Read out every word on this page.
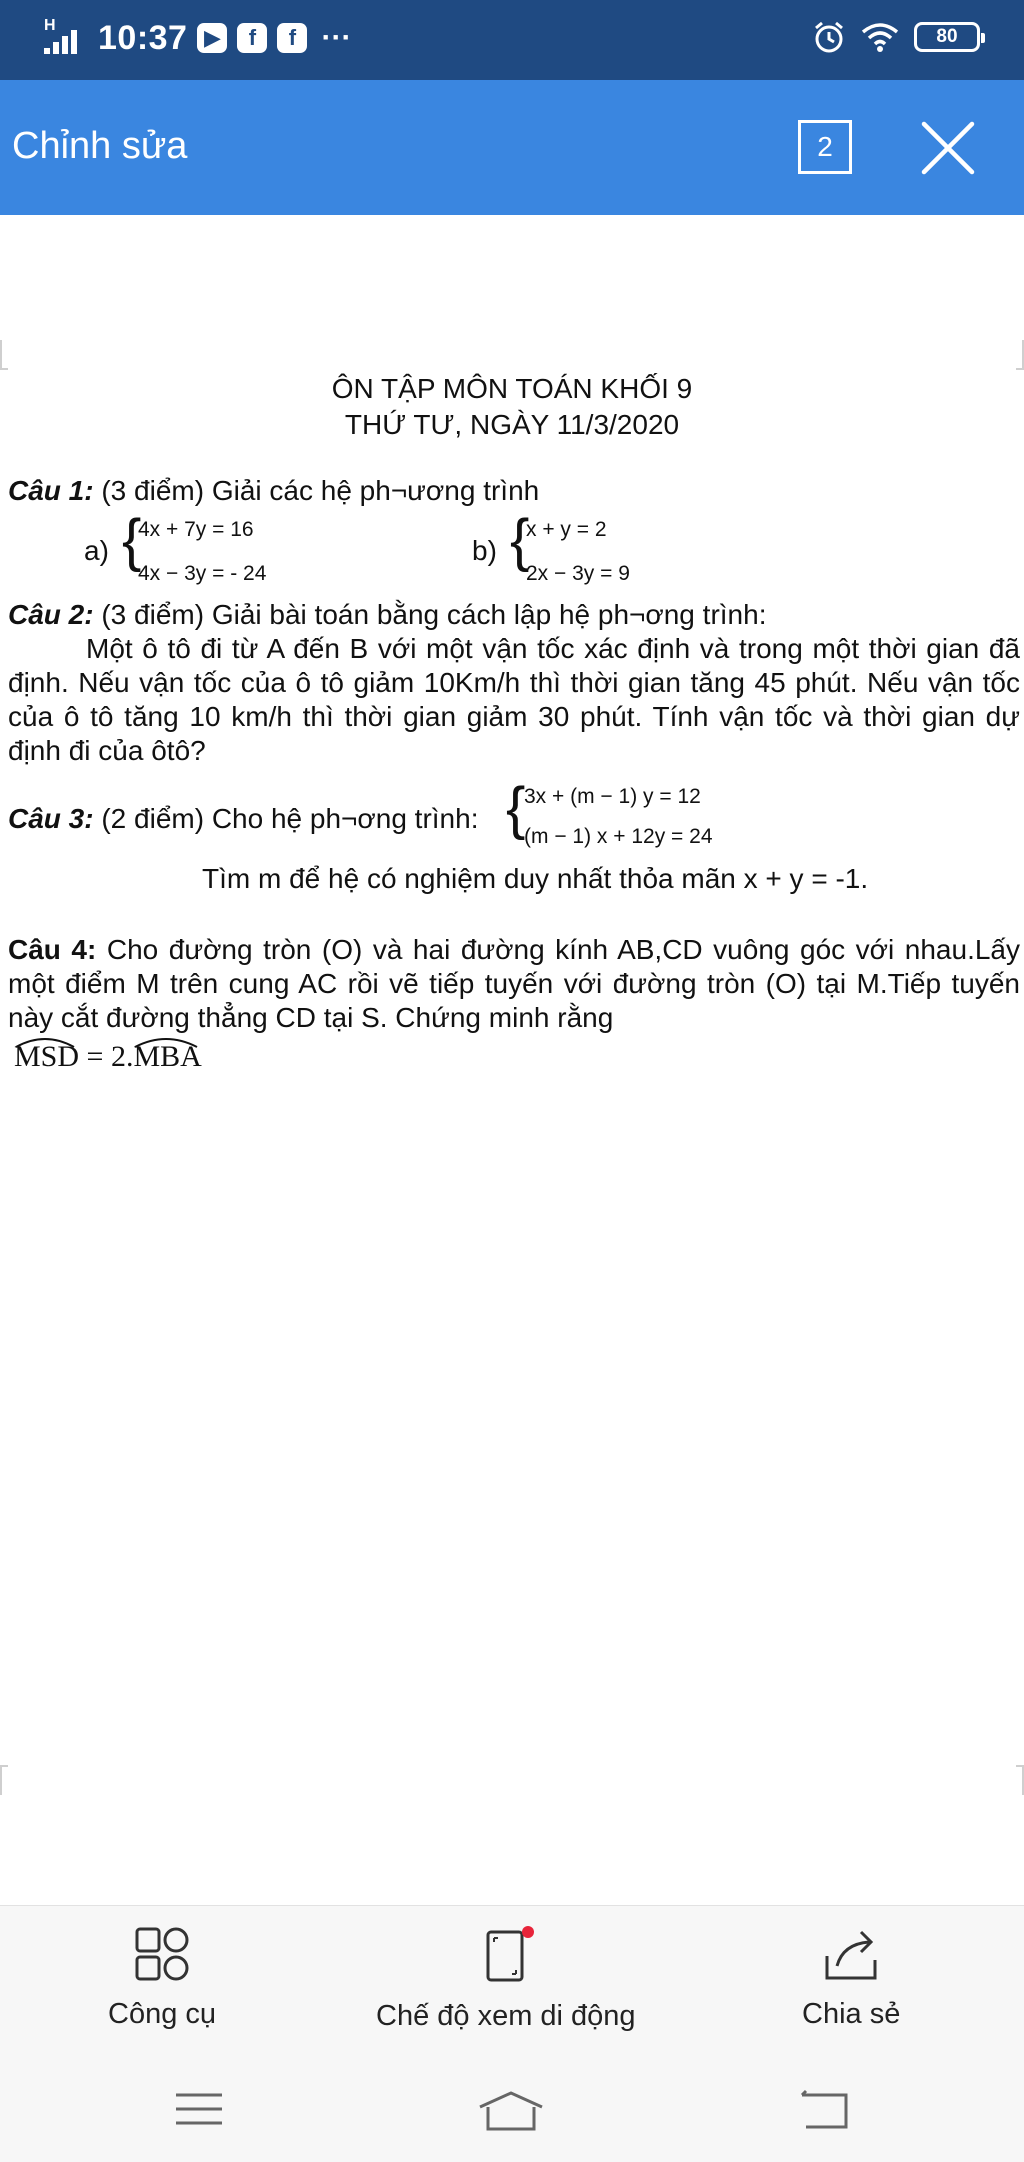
H 10:37 ▶	f	f ···	80
Chỉnh sửa	2
ÔN TẬP MÔN TOÁN KHỐI 9
THỨ TƯ, NGÀY 11/3/2020
Câu 1: (3 điểm) Giải các hệ ph¬ương trình
a) {
4x + 7y = 16
4x − 3y = - 24
b) {
x + y = 2
2x − 3y = 9
Câu 2: (3 điểm) Giải bài toán bằng cách lập hệ ph¬ơng trình:
Một ô tô đi từ A đến B với một vận tốc xác định và trong một thời gian đã định. Nếu vận tốc của ô tô giảm 10Km/h thì thời gian tăng 45 phút. Nếu vận tốc của ô tô tăng 10 km/h thì thời gian giảm 30 phút. Tính vận tốc và thời gian dự định đi của ôtô?
Câu 3: (2 điểm) Cho hệ ph¬ơng trình: {
3x + (m − 1) y = 12
(m − 1) x + 12y = 24
Tìm m để hệ có nghiệm duy nhất thỏa mãn x + y = -1.
Câu 4: Cho đường tròn (O) và hai đường kính AB,CD vuông góc với nhau.Lấy một điểm M trên cung AC rồi vẽ tiếp tuyến với đường tròn (O) tại M.Tiếp tuyến này cắt đường thẳng CD tại S. Chứng minh rằng
MSD = 2.
MBA
Công cụ	Chế độ xem di động	Chia sẻ
